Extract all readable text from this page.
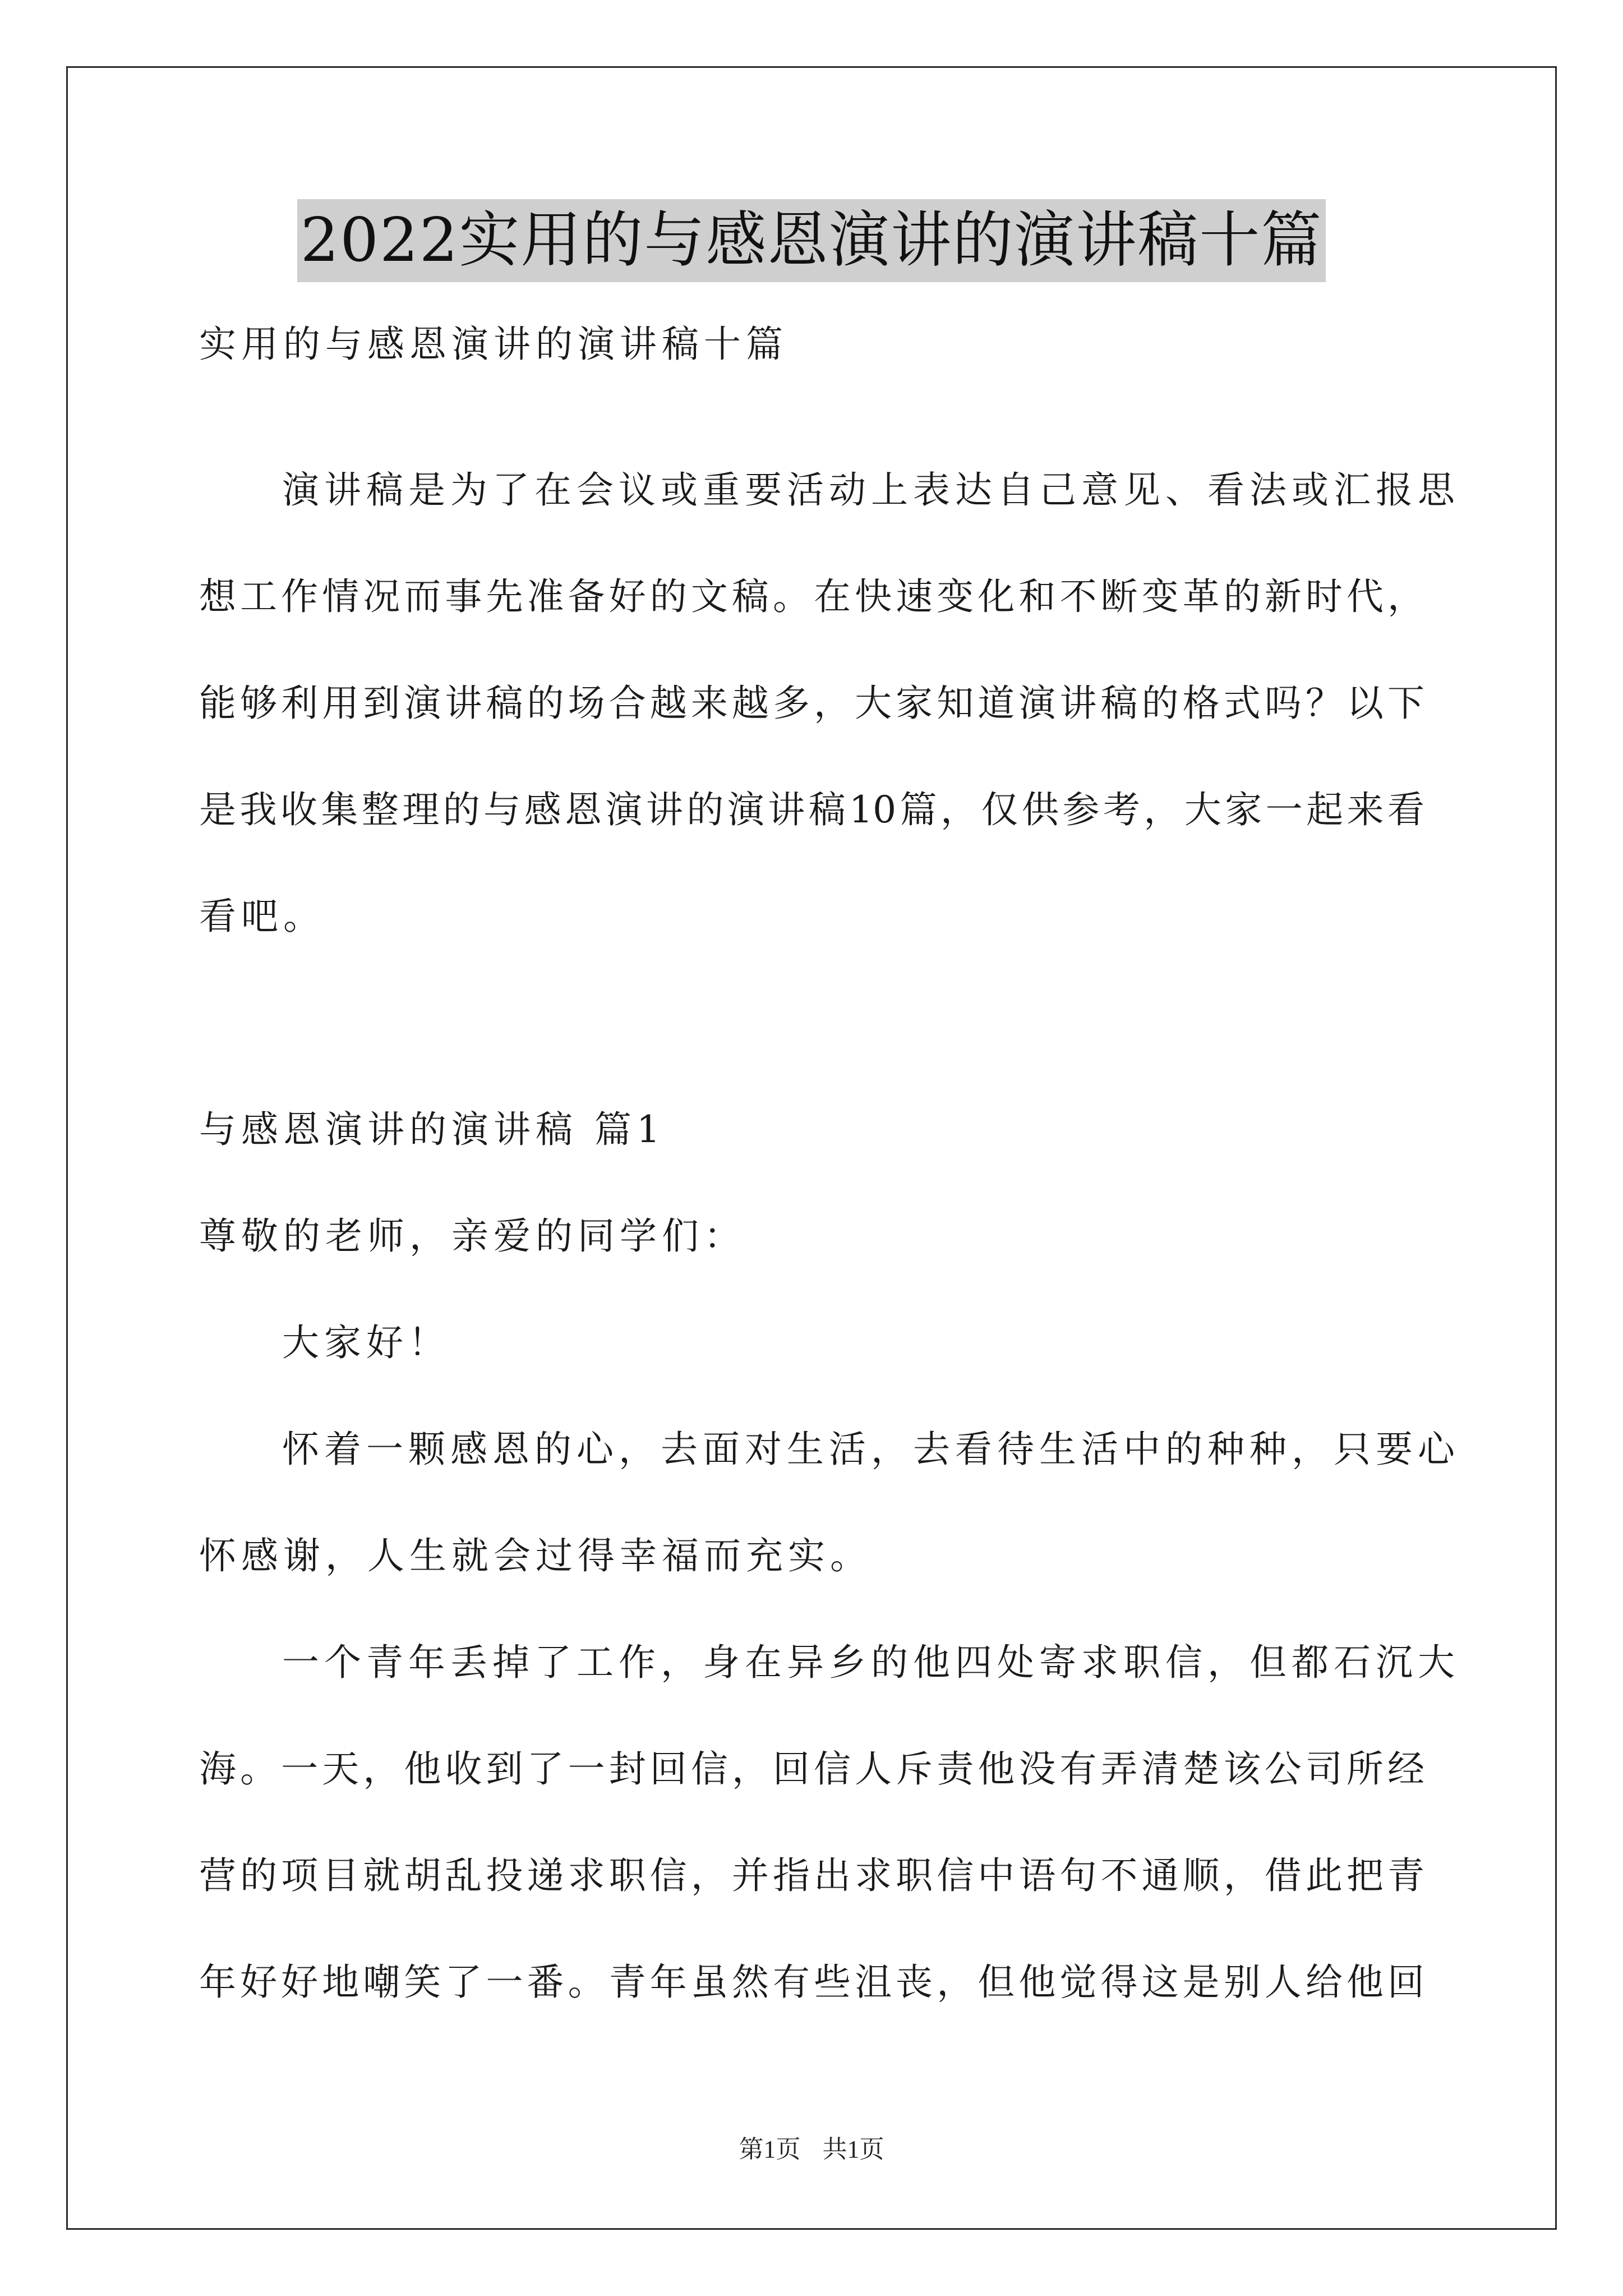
2022实用的与感恩演讲的演讲稿十篇
实用的与感恩演讲的演讲稿十篇
演讲稿是为了在会议或重要活动上表达自己意见、看法或汇报思
想工作情况而事先准备好的文稿。在快速变化和不断变革的新时代，
能够利用到演讲稿的场合越来越多，大家知道演讲稿的格式吗？以下
是我收集整理的与感恩演讲的演讲稿10篇，仅供参考，大家一起来看
看吧。
与感恩演讲的演讲稿 篇1
尊敬的老师，亲爱的同学们：
大家好！
怀着一颗感恩的心，去面对生活，去看待生活中的种种，只要心
怀感谢，人生就会过得幸福而充实。
一个青年丢掉了工作，身在异乡的他四处寄求职信，但都石沉大
海。一天，他收到了一封回信，回信人斥责他没有弄清楚该公司所经
营的项目就胡乱投递求职信，并指出求职信中语句不通顺，借此把青
年好好地嘲笑了一番。青年虽然有些沮丧，但他觉得这是别人给他回
第1页 共1页
